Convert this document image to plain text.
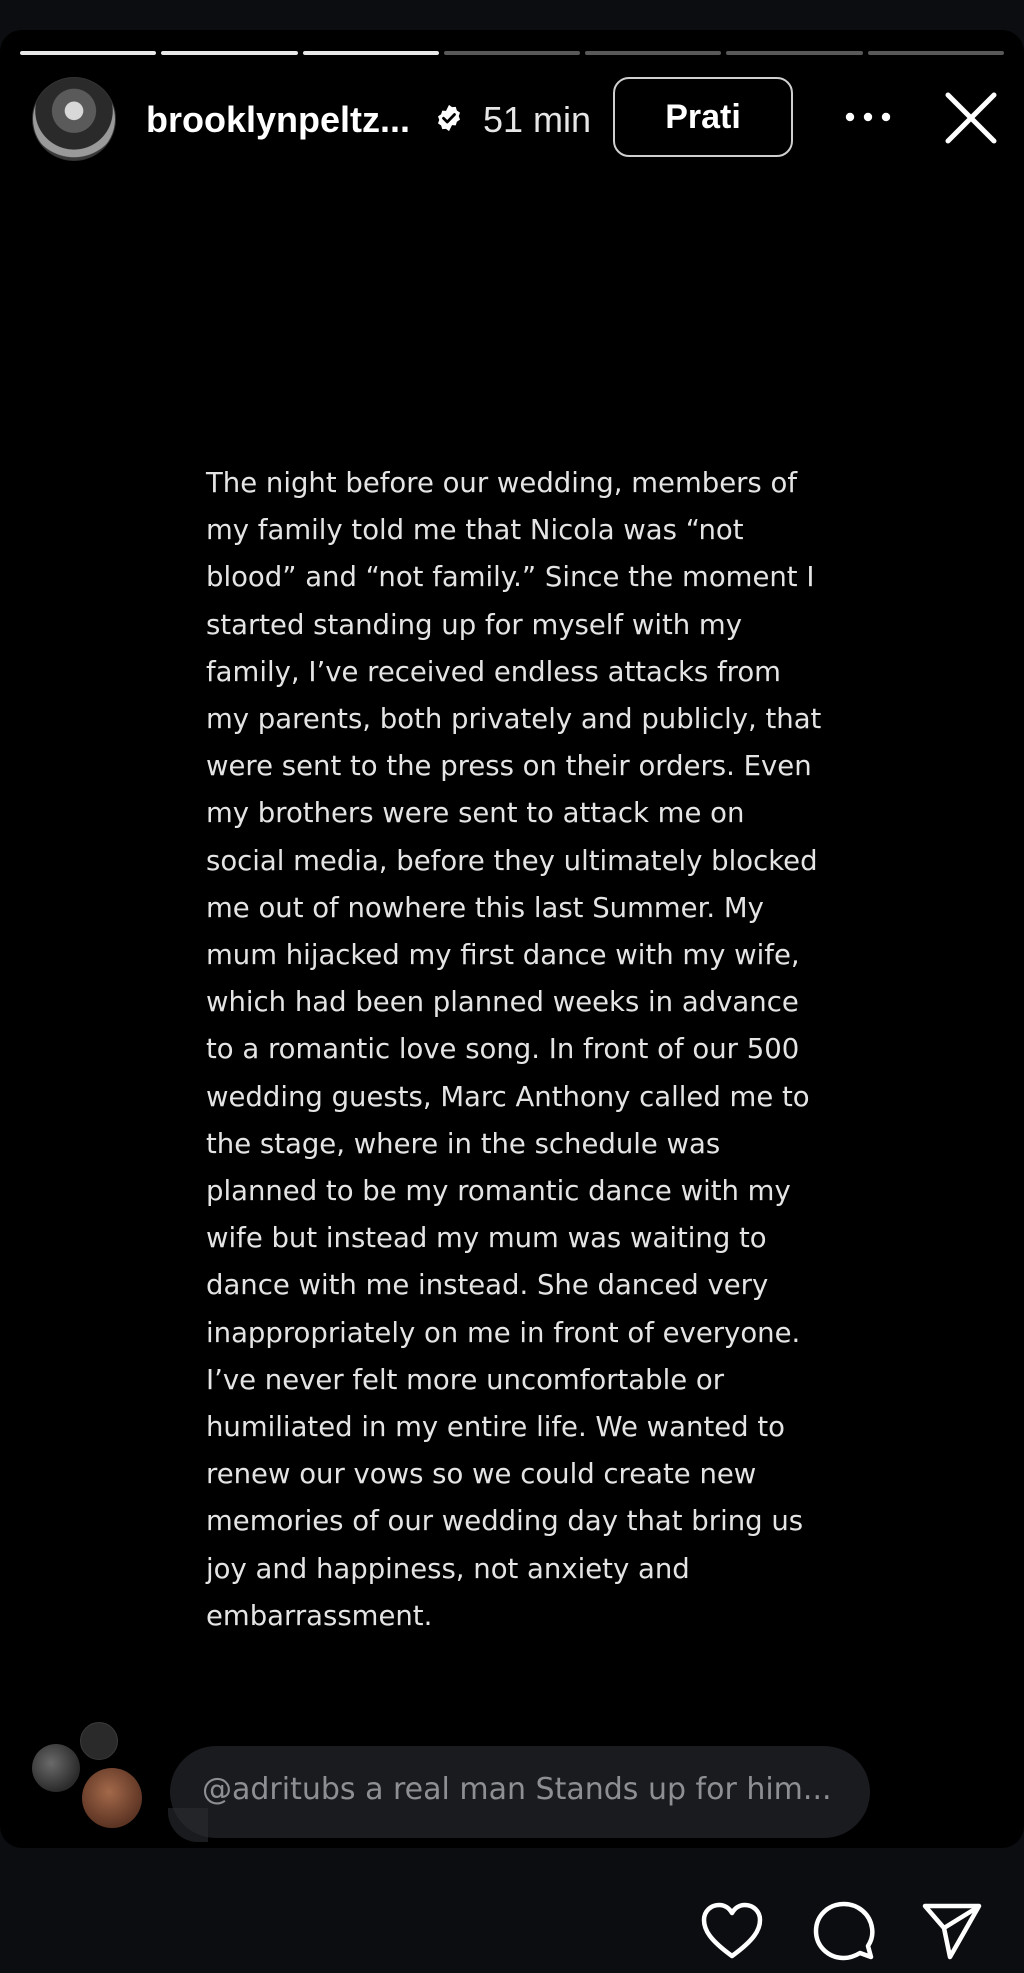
brooklynpeltz... 51 min	Prati

The night before our wedding, members of
my family told me that Nicola was “not
blood” and “not family.” Since the moment I
started standing up for myself with my
family, I’ve received endless attacks from
my parents, both privately and publicly, that
were sent to the press on their orders. Even
my brothers were sent to attack me on
social media, before they ultimately blocked
me out of nowhere this last Summer. My
mum hijacked my first dance with my wife,
which had been planned weeks in advance
to a romantic love song. In front of our 500
wedding guests, Marc Anthony called me to
the stage, where in the schedule was
planned to be my romantic dance with my
wife but instead my mum was waiting to
dance with me instead. She danced very
inappropriately on me in front of everyone.
I’ve never felt more uncomfortable or
humiliated in my entire life. We wanted to
renew our vows so we could create new
memories of our wedding day that bring us
joy and happiness, not anxiety and
embarrassment.

@adritubs a real man Stands up for him...
